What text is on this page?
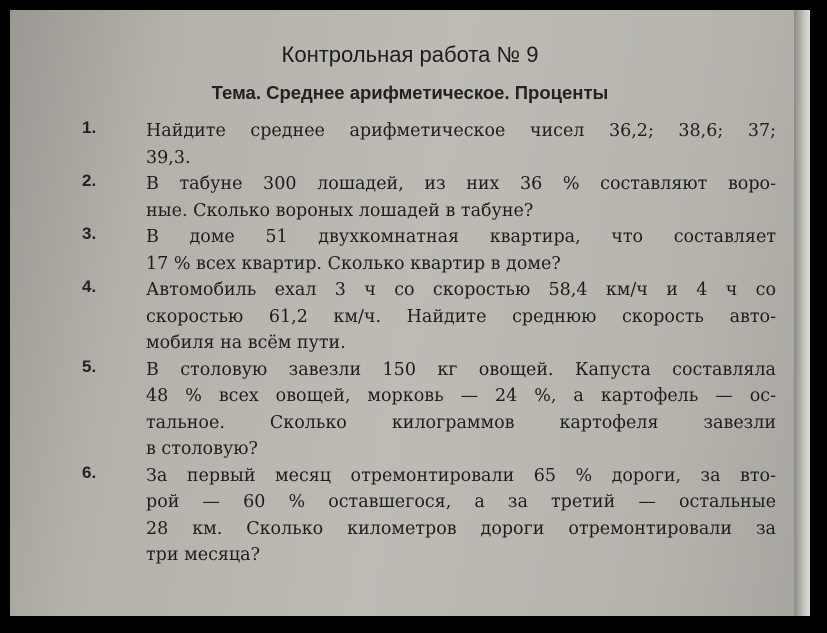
Контрольная работа № 9
Тема. Среднее арифметическое. Проценты
1.	Найдите среднее арифметическое чисел 36,2; 38,6; 37;
39,3.
2.	В табуне 300 лошадей, из них 36 % составляют воро-
ные. Сколько вороных лошадей в табуне?
3.	В доме 51 двухкомнатная квартира, что составляет
17 % всех квартир. Сколько квартир в доме?
4.	Автомобиль ехал 3 ч со скоростью 58,4 км/ч и 4 ч со
скоростью 61,2 км/ч. Найдите среднюю скорость авто-
мобиля на всём пути.
5.	В столовую завезли 150 кг овощей. Капуста составляла
48 % всех овощей, морковь — 24 %, а картофель — ос-
тальное. Сколько килограммов картофеля завезли
в столовую?
6.	За первый месяц отремонтировали 65 % дороги, за вто-
рой — 60 % оставшегося, а за третий — остальные
28 км. Сколько километров дороги отремонтировали за
три месяца?
